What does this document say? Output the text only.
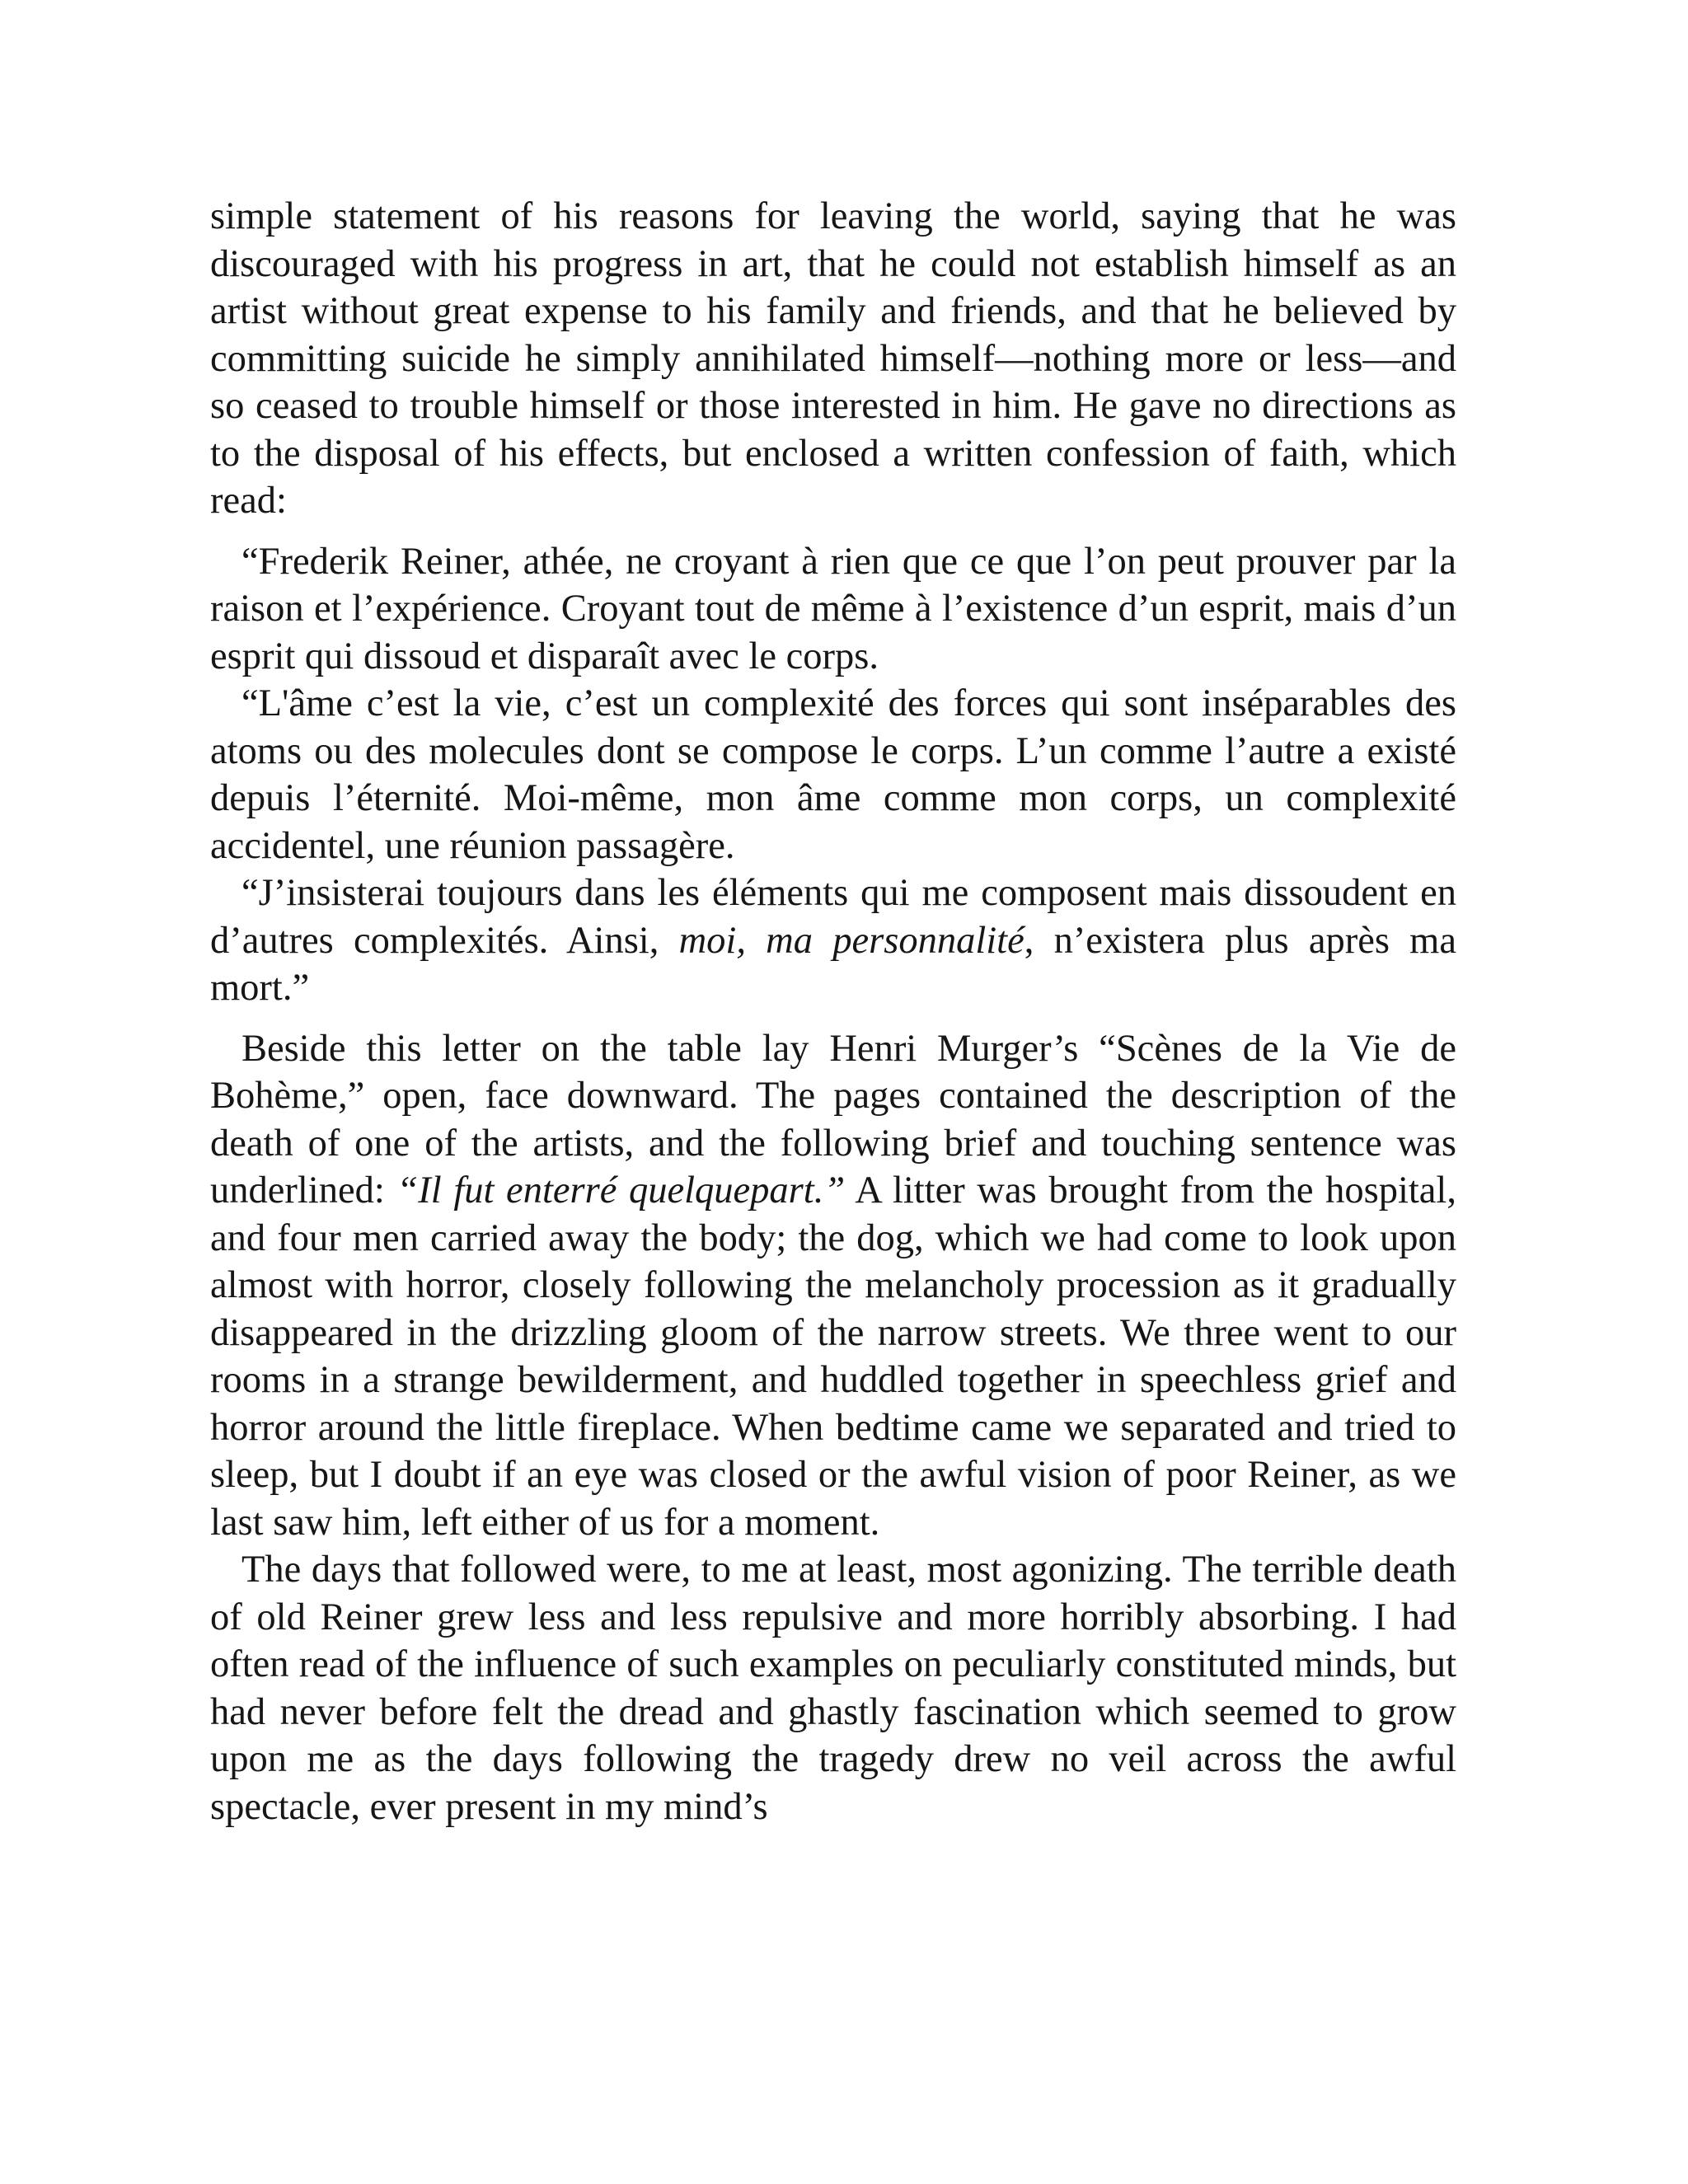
simple statement of his reasons for leaving the world, saying that he was discouraged with his progress in art, that he could not establish himself as an artist without great expense to his family and friends, and that he believed by committing suicide he simply annihilated himself—nothing more or less—and so ceased to trouble himself or those interested in him. He gave no directions as to the disposal of his effects, but enclosed a written confession of faith, which read:

“Frederik Reiner, athée, ne croyant à rien que ce que l’on peut prouver par la raison et l’expérience. Croyant tout de même à l’existence d’un esprit, mais d’un esprit qui dissoud et disparaît avec le corps.

“L'âme c’est la vie, c’est un complexité des forces qui sont inséparables des atoms ou des molecules dont se compose le corps. L’un comme l’autre a existé depuis l’éternité. Moi-même, mon âme comme mon corps, un complexité accidentel, une réunion passagère.

“J’insisterai toujours dans les éléments qui me composent mais dissoudent en d’autres complexités. Ainsi, moi, ma personnalité, n’existera plus après ma mort.”

Beside this letter on the table lay Henri Murger’s “Scènes de la Vie de Bohème,” open, face downward. The pages contained the description of the death of one of the artists, and the following brief and touching sentence was underlined: “Il fut enterré quelquepart.” A litter was brought from the hospital, and four men carried away the body; the dog, which we had come to look upon almost with horror, closely following the melancholy procession as it gradually disappeared in the drizzling gloom of the narrow streets. We three went to our rooms in a strange bewilderment, and huddled together in speechless grief and horror around the little fireplace. When bedtime came we separated and tried to sleep, but I doubt if an eye was closed or the awful vision of poor Reiner, as we last saw him, left either of us for a moment.

The days that followed were, to me at least, most agonizing. The terrible death of old Reiner grew less and less repulsive and more horribly absorbing. I had often read of the influence of such examples on peculiarly constituted minds, but had never before felt the dread and ghastly fascination which seemed to grow upon me as the days following the tragedy drew no veil across the awful spectacle, ever present in my mind’s
